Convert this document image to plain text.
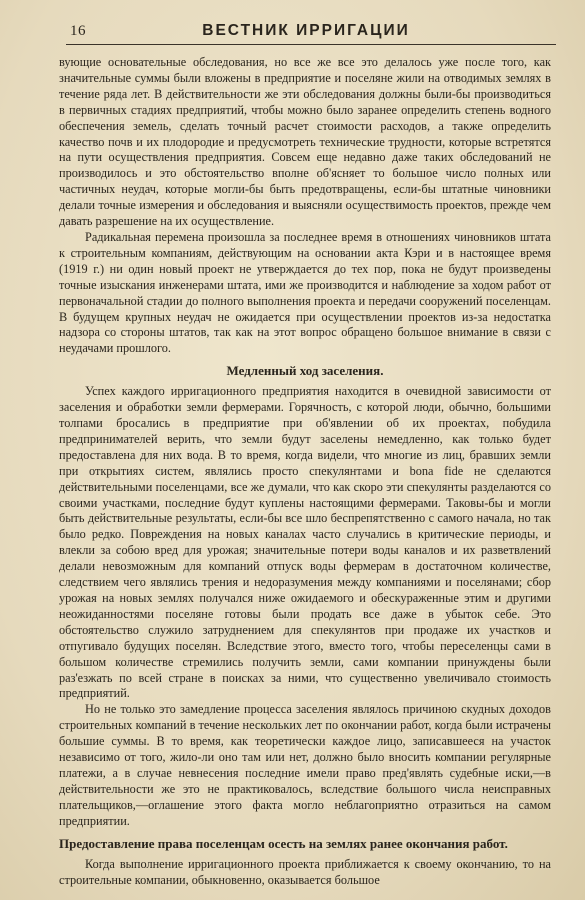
16	ВЕСТНИК ИРРИГАЦИИ

вующие основательные обследования, но все же все это делалось уже после того, как значительные суммы были вложены в предприятие и поселяне жили на отводимых землях в течение ряда лет. В действительности же эти обследования должны были-бы производиться в первичных стадиях предприятий, чтобы можно было заранее определить степень водного обеспечения земель, сделать точный расчет стоимости расходов, а также определить качество почв и их плодородие и предусмотреть технические трудности, которые встретятся на пути осуществления предприятия. Совсем еще недавно даже таких обследований не производилось и это обстоятельство вполне об'ясняет то большое число полных или частичных неудач, которые могли-бы быть предотвращены, если-бы штатные чиновники делали точные измерения и обследования и выясняли осуществимость проектов, прежде чем давать разрешение на их осуществление.

Радикальная перемена произошла за последнее время в отношениях чиновников штата к строительным компаниям, действующим на основании акта Кэри и в настоящее время (1919 г.) ни один новый проект не утверждается до тех пор, пока не будут произведены точные изыскания инженерами штата, ими же производится и наблюдение за ходом работ от первоначальной стадии до полного выполнения проекта и передачи сооружений поселенцам. В будущем крупных неудач не ожидается при осуществлении проектов из-за недостатка надзора со стороны штатов, так как на этот вопрос обращено большое внимание в связи с неудачами прошлого.

Медленный ход заселения.

Успех каждого ирригационного предприятия находится в очевидной зависимости от заселения и обработки земли фермерами. Горячность, с которой люди, обычно, большими толпами бросались в предприятие при об'явлении об их проектах, побудила предпринимателей верить, что земли будут заселены немедленно, как только будет предоставлена для них вода. В то время, когда видели, что многие из лиц, бравших земли при открытиях систем, являлись просто спекулянтами и bona fide не сделаются действительными поселенцами, все же думали, что как скоро эти спекулянты разделаются со своими участками, последние будут куплены настоящими фермерами. Таковы-бы и могли быть действительные результаты, если-бы все шло беспрепятственно с самого начала, но так было редко. Повреждения на новых каналах часто случались в критические периоды, и влекли за собою вред для урожая; значительные потери воды каналов и их разветвлений делали невозможным для компаний отпуск воды фермерам в достаточном количестве, следствием чего являлись трения и недоразумения между компаниями и поселянами; сбор урожая на новых землях получался ниже ожидаемого и обескураженные этим и другими неожиданностями поселяне готовы были продать все даже в убыток себе. Это обстоятельство служило затруднением для спекулянтов при продаже их участков и отпугивало будущих поселян. Вследствие этого, вместо того, чтобы переселенцы сами в большом количестве стремились получить земли, сами компании принуждены были раз'езжать по всей стране в поисках за ними, что существенно увеличивало стоимость предприятий.

Но не только это замедление процесса заселения являлось причиною скудных доходов строительных компаний в течение нескольких лет по окончании работ, когда были истрачены большие суммы. В то время, как теоретически каждое лицо, записавшееся на участок независимо от того, жило-ли оно там или нет, должно было вносить компании регулярные платежи, а в случае невнесения последние имели право пред'являть судебные иски,—в действительности же это не практиковалось, вследствие большого числа неисправных плательщиков,—оглашение этого факта могло неблагоприятно отразиться на самом предприятии.

Предоставление права поселенцам осесть на землях ранее окончания работ.

Когда выполнение ирригационного проекта приближается к своему окончанию, то на строительные компании, обыкновенно, оказывается большое
